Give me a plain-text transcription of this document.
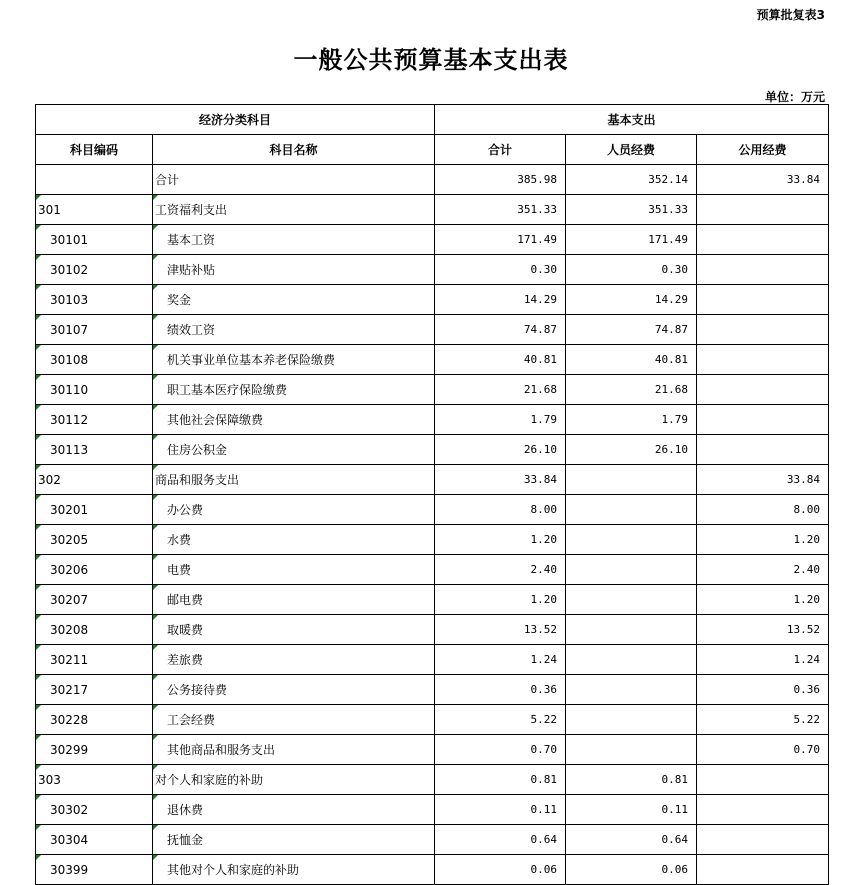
预算批复表3
一般公共预算基本支出表
单位：万元
经济分类科目		基本支出		
科目编码	科目名称	合计	人员经费	公用经费
	合计	385.98	352.14	33.84

301	工资福利支出	351.33	351.33	

30101	基本工资	171.49	171.49	

30102	津贴补贴	0.30	0.30	

30103	奖金	14.29	14.29	

30107	绩效工资	74.87	74.87	

30108	机关事业单位基本养老保险缴费	40.81	40.81	

30110	职工基本医疗保险缴费	21.68	21.68	

30112	其他社会保障缴费	1.79	1.79	

30113	住房公积金	26.10	26.10	

302	商品和服务支出	33.84		33.84

30201	办公费	8.00		8.00

30205	水费	1.20		1.20

30206	电费	2.40		2.40

30207	邮电费	1.20		1.20

30208	取暖费	13.52		13.52

30211	差旅费	1.24		1.24

30217	公务接待费	0.36		0.36

30228	工会经费	5.22		5.22

30299	其他商品和服务支出	0.70		0.70

303	对个人和家庭的补助	0.81	0.81	

30302	退休费	0.11	0.11	

30304	抚恤金	0.64	0.64	

30399	其他对个人和家庭的补助	0.06	0.06	
